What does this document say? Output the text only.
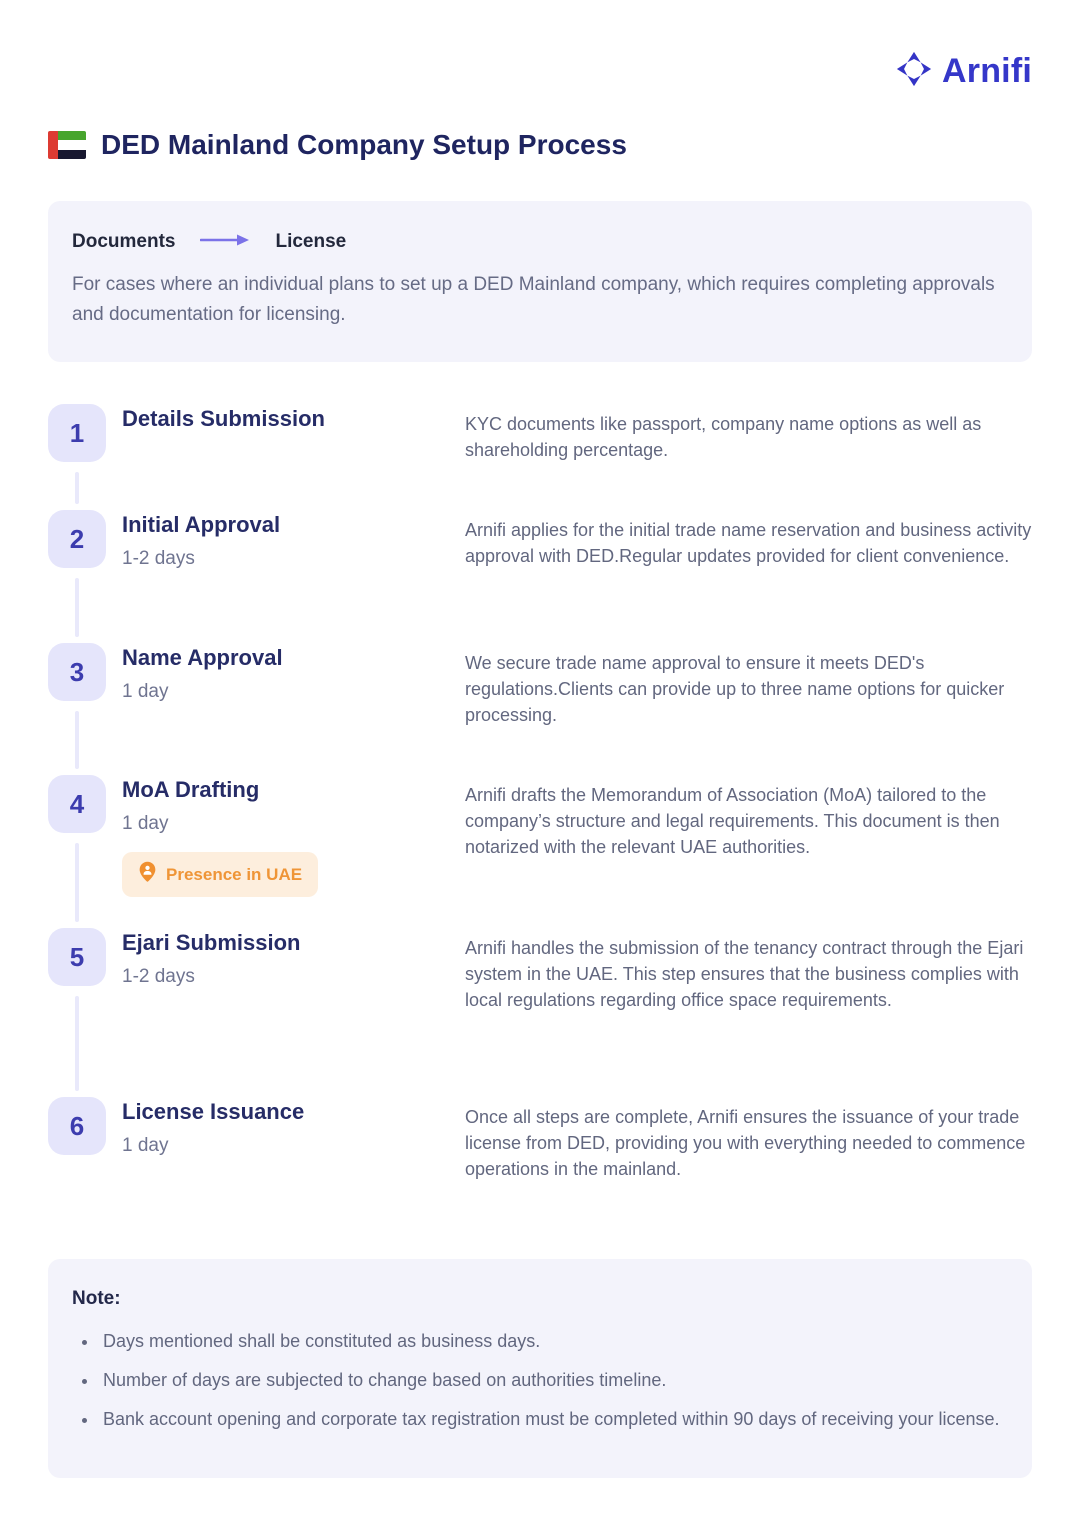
Arnifi
DED Mainland Company Setup Process
Documents	License

For cases where an individual plans to set up a DED Mainland company, which requires completing approvals and documentation for licensing.

1	Details Submission	KYC documents like passport, company name options as well as shareholding percentage.
2	Initial Approval
1-2 days
Arnifi applies for the initial trade name reservation and business activity approval with DED.Regular updates provided for client convenience.
3	Name Approval
1 day
We secure trade name approval to ensure it meets DED's regulations.Clients can provide up to three name options for quicker processing.
4	MoA Drafting
1 day
Presence in UAE
Arnifi drafts the Memorandum of Association (MoA) tailored to the company’s structure and legal requirements. This document is then notarized with the relevant UAE authorities.
5	Ejari Submission
1-2 days
Arnifi handles the submission of the tenancy contract through the Ejari system in the UAE. This step ensures that the business complies with local regulations regarding office space requirements.
6	License Issuance
1 day
Once all steps are complete, Arnifi ensures the issuance of your trade license from DED, providing you with everything needed to commence operations in the mainland.
Note:
• Days mentioned shall be constituted as business days.
• Number of days are subjected to change based on authorities timeline.
• Bank account opening and corporate tax registration must be completed within 90 days of receiving your license.
